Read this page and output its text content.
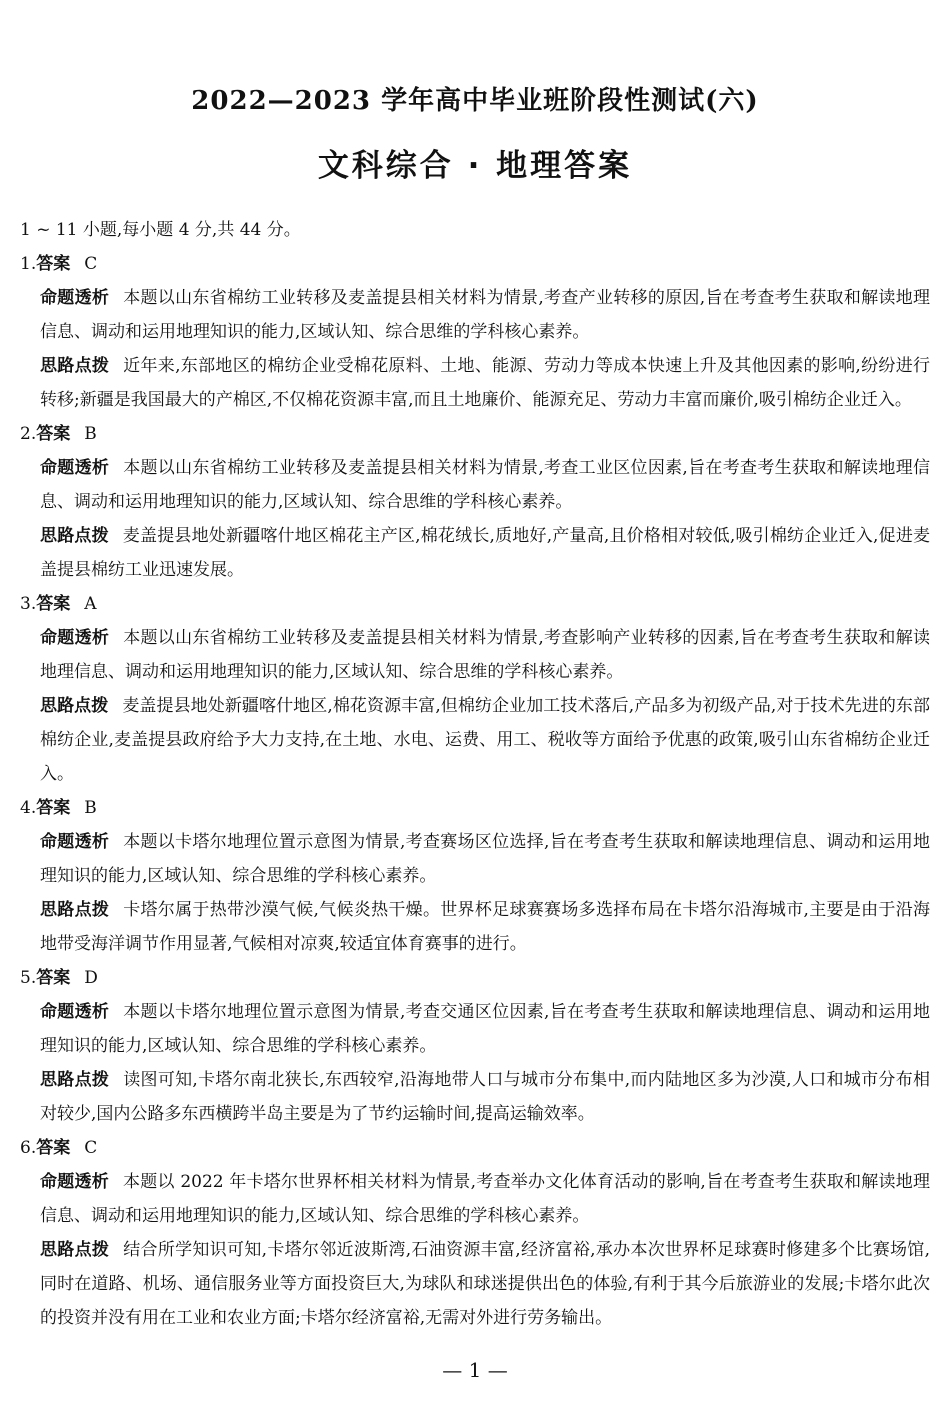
2022—2023 学年高中毕业班阶段性测试(六)
文科综合 · 地理答案

1 ~ 11 小题,每小题 4 分,共 44 分。

1.答案 C

命题透析 本题以山东省棉纺工业转移及麦盖提县相关材料为情景,考查产业转移的原因,旨在考查考生获取和解读地理信息、调动和运用地理知识的能力,区域认知、综合思维的学科核心素养。

思路点拨 近年来,东部地区的棉纺企业受棉花原料、土地、能源、劳动力等成本快速上升及其他因素的影响,纷纷进行转移;新疆是我国最大的产棉区,不仅棉花资源丰富,而且土地廉价、能源充足、劳动力丰富而廉价,吸引棉纺企业迁入。

2.答案 B

命题透析 本题以山东省棉纺工业转移及麦盖提县相关材料为情景,考查工业区位因素,旨在考查考生获取和解读地理信息、调动和运用地理知识的能力,区域认知、综合思维的学科核心素养。

思路点拨 麦盖提县地处新疆喀什地区棉花主产区,棉花绒长,质地好,产量高,且价格相对较低,吸引棉纺企业迁入,促进麦盖提县棉纺工业迅速发展。

3.答案 A

命题透析 本题以山东省棉纺工业转移及麦盖提县相关材料为情景,考查影响产业转移的因素,旨在考查考生获取和解读地理信息、调动和运用地理知识的能力,区域认知、综合思维的学科核心素养。

思路点拨 麦盖提县地处新疆喀什地区,棉花资源丰富,但棉纺企业加工技术落后,产品多为初级产品,对于技术先进的东部棉纺企业,麦盖提县政府给予大力支持,在土地、水电、运费、用工、税收等方面给予优惠的政策,吸引山东省棉纺企业迁入。

4.答案 B

命题透析 本题以卡塔尔地理位置示意图为情景,考查赛场区位选择,旨在考查考生获取和解读地理信息、调动和运用地理知识的能力,区域认知、综合思维的学科核心素养。

思路点拨 卡塔尔属于热带沙漠气候,气候炎热干燥。世界杯足球赛赛场多选择布局在卡塔尔沿海城市,主要是由于沿海地带受海洋调节作用显著,气候相对凉爽,较适宜体育赛事的进行。

5.答案 D

命题透析 本题以卡塔尔地理位置示意图为情景,考查交通区位因素,旨在考查考生获取和解读地理信息、调动和运用地理知识的能力,区域认知、综合思维的学科核心素养。

思路点拨 读图可知,卡塔尔南北狭长,东西较窄,沿海地带人口与城市分布集中,而内陆地区多为沙漠,人口和城市分布相对较少,国内公路多东西横跨半岛主要是为了节约运输时间,提高运输效率。

6.答案 C

命题透析 本题以 2022 年卡塔尔世界杯相关材料为情景,考查举办文化体育活动的影响,旨在考查考生获取和解读地理信息、调动和运用地理知识的能力,区域认知、综合思维的学科核心素养。

思路点拨 结合所学知识可知,卡塔尔邻近波斯湾,石油资源丰富,经济富裕,承办本次世界杯足球赛时修建多个比赛场馆,同时在道路、机场、通信服务业等方面投资巨大,为球队和球迷提供出色的体验,有利于其今后旅游业的发展;卡塔尔此次的投资并没有用在工业和农业方面;卡塔尔经济富裕,无需对外进行劳务输出。

— 1 —
